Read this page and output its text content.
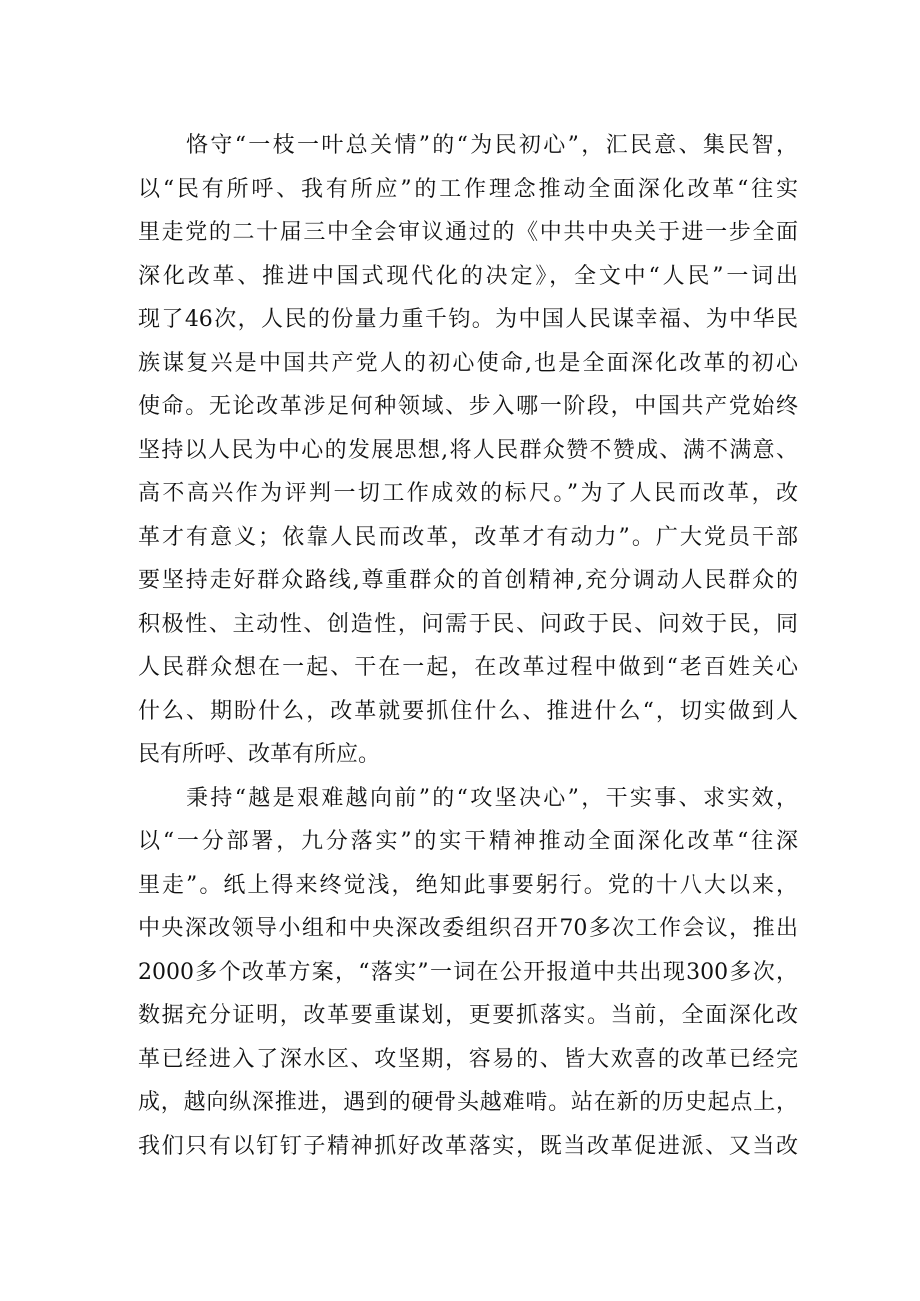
恪守“一枝一叶总关情”的“为民初心”，汇民意、集民智，
以“民有所呼、我有所应”的工作理念推动全面深化改革“往实
里走党的二十届三中全会审议通过的《中共中央关于进一步全面
深化改革、推进中国式现代化的决定》，全文中“人民”一词出
现了46次，人民的份量力重千钧。为中国人民谋幸福、为中华民
族谋复兴是中国共产党人的初心使命,也是全面深化改革的初心
使命。无论改革涉足何种领域、步入哪一阶段，中国共产党始终
坚持以人民为中心的发展思想,将人民群众赞不赞成、满不满意、
高不高兴作为评判一切工作成效的标尺。”为了人民而改革，改
革才有意义；依靠人民而改革，改革才有动力”。广大党员干部
要坚持走好群众路线,尊重群众的首创精神,充分调动人民群众的
积极性、主动性、创造性，问需于民、问政于民、问效于民，同
人民群众想在一起、干在一起，在改革过程中做到“老百姓关心
什么、期盼什么，改革就要抓住什么、推进什么“，切实做到人
民有所呼、改革有所应。
秉持“越是艰难越向前”的“攻坚决心”，干实事、求实效，
以“一分部署，九分落实”的实干精神推动全面深化改革“往深
里走”。纸上得来终觉浅，绝知此事要躬行。党的十八大以来，
中央深改领导小组和中央深改委组织召开70多次工作会议，推出
2000多个改革方案，“落实”一词在公开报道中共出现300多次，
数据充分证明，改革要重谋划，更要抓落实。当前，全面深化改
革已经进入了深水区、攻坚期，容易的、皆大欢喜的改革已经完
成，越向纵深推进，遇到的硬骨头越难啃。站在新的历史起点上，
我们只有以钉钉子精神抓好改革落实，既当改革促进派、又当改
